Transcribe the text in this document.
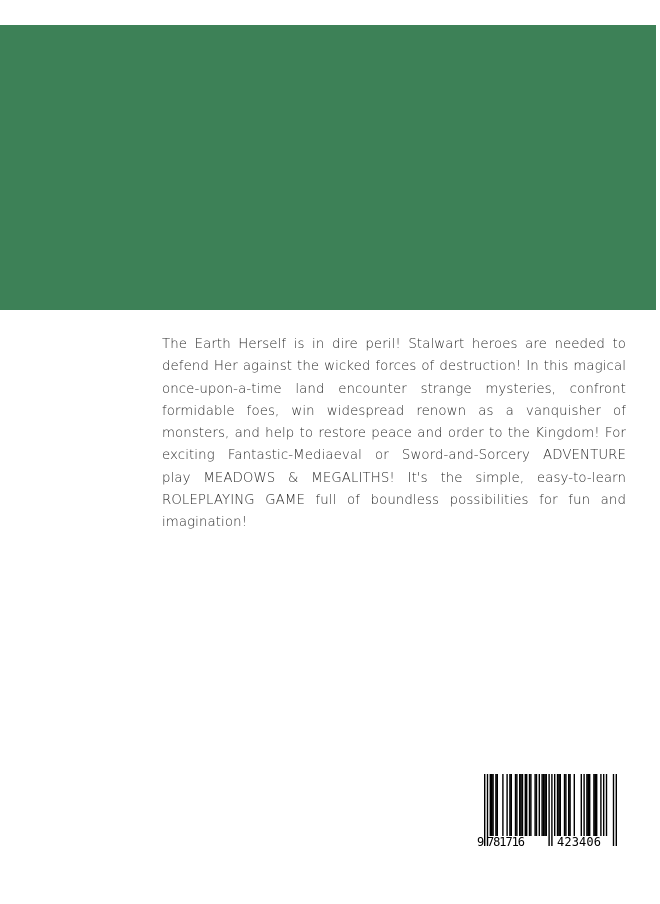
The Earth Herself is in dire peril! Stalwart heroes are needed to defend Her against the wicked forces of destruction! In this magical once-upon-a-time land encounter strange mysteries, confront formidable foes, win widespread renown as a vanquisher of monsters, and help to restore peace and order to the Kingdom! For exciting Fantastic-Mediaeval or Sword-and-Sorcery ADVENTURE play MEADOWS & MEGALITHS! It's the simple, easy-to-learn ROLEPLAYING GAME full of boundless possibilities for fun and imagination!

9 781716	423406
